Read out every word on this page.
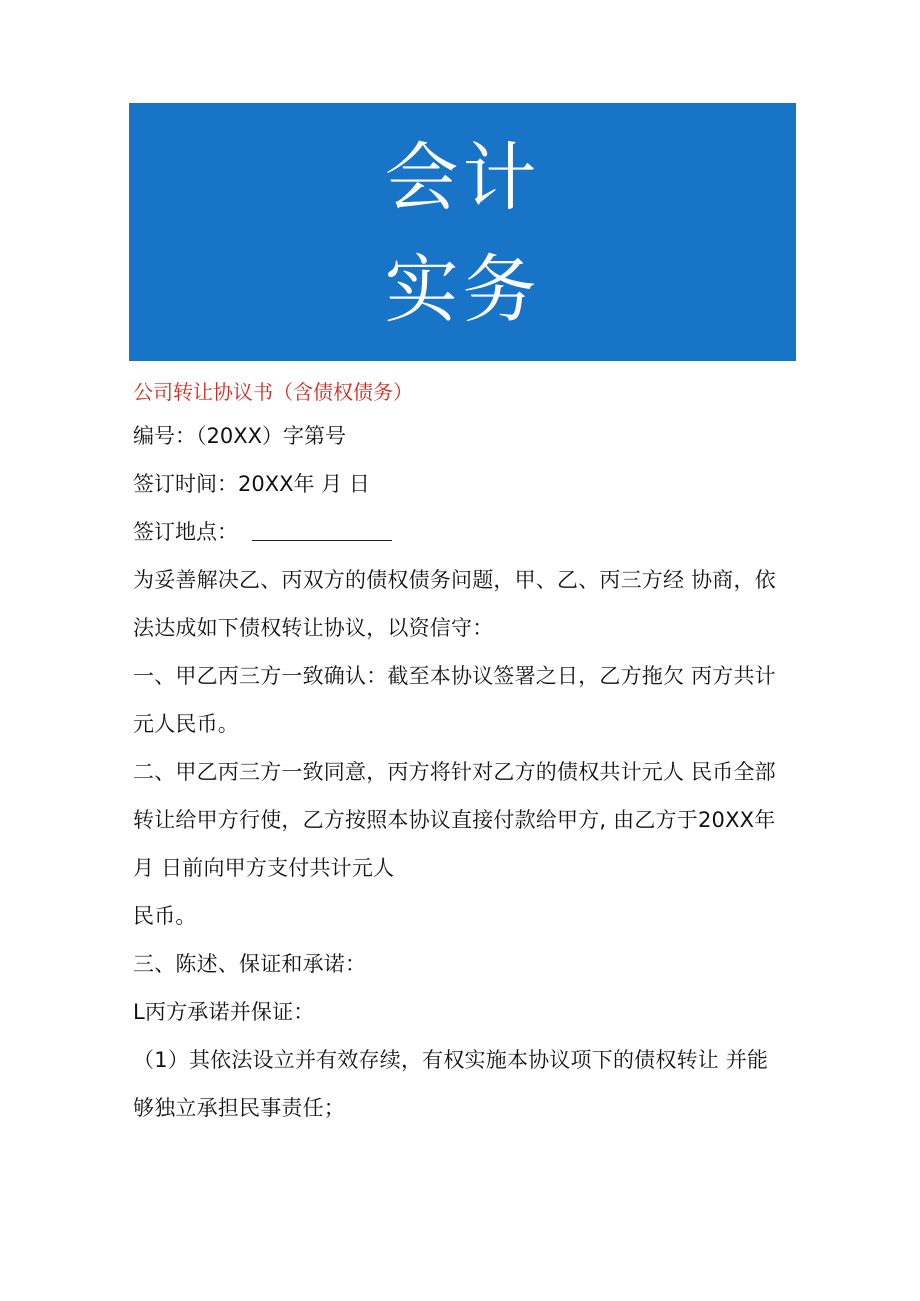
会计
实务
公司转让协议书（含债权债务）
编号：（20XX）字第号
签订时间：20XX年 月 日
签订地点：
为妥善解决乙、丙双方的债权债务问题，甲、乙、丙三方经 协商，依
法达成如下债权转让协议，以资信守：
一、甲乙丙三方一致确认：截至本协议签署之日，乙方拖欠 丙方共计
元人民币。
二、甲乙丙三方一致同意，丙方将针对乙方的债权共计元人 民币全部
转让给甲方行使，乙方按照本协议直接付款给甲方, 由乙方于20XX年
月 日前向甲方支付共计元人
民币。
三、陈述、保证和承诺：
L丙方承诺并保证：
（1）其依法设立并有效存续，有权实施本协议项下的债权转让 并能
够独立承担民事责任；
